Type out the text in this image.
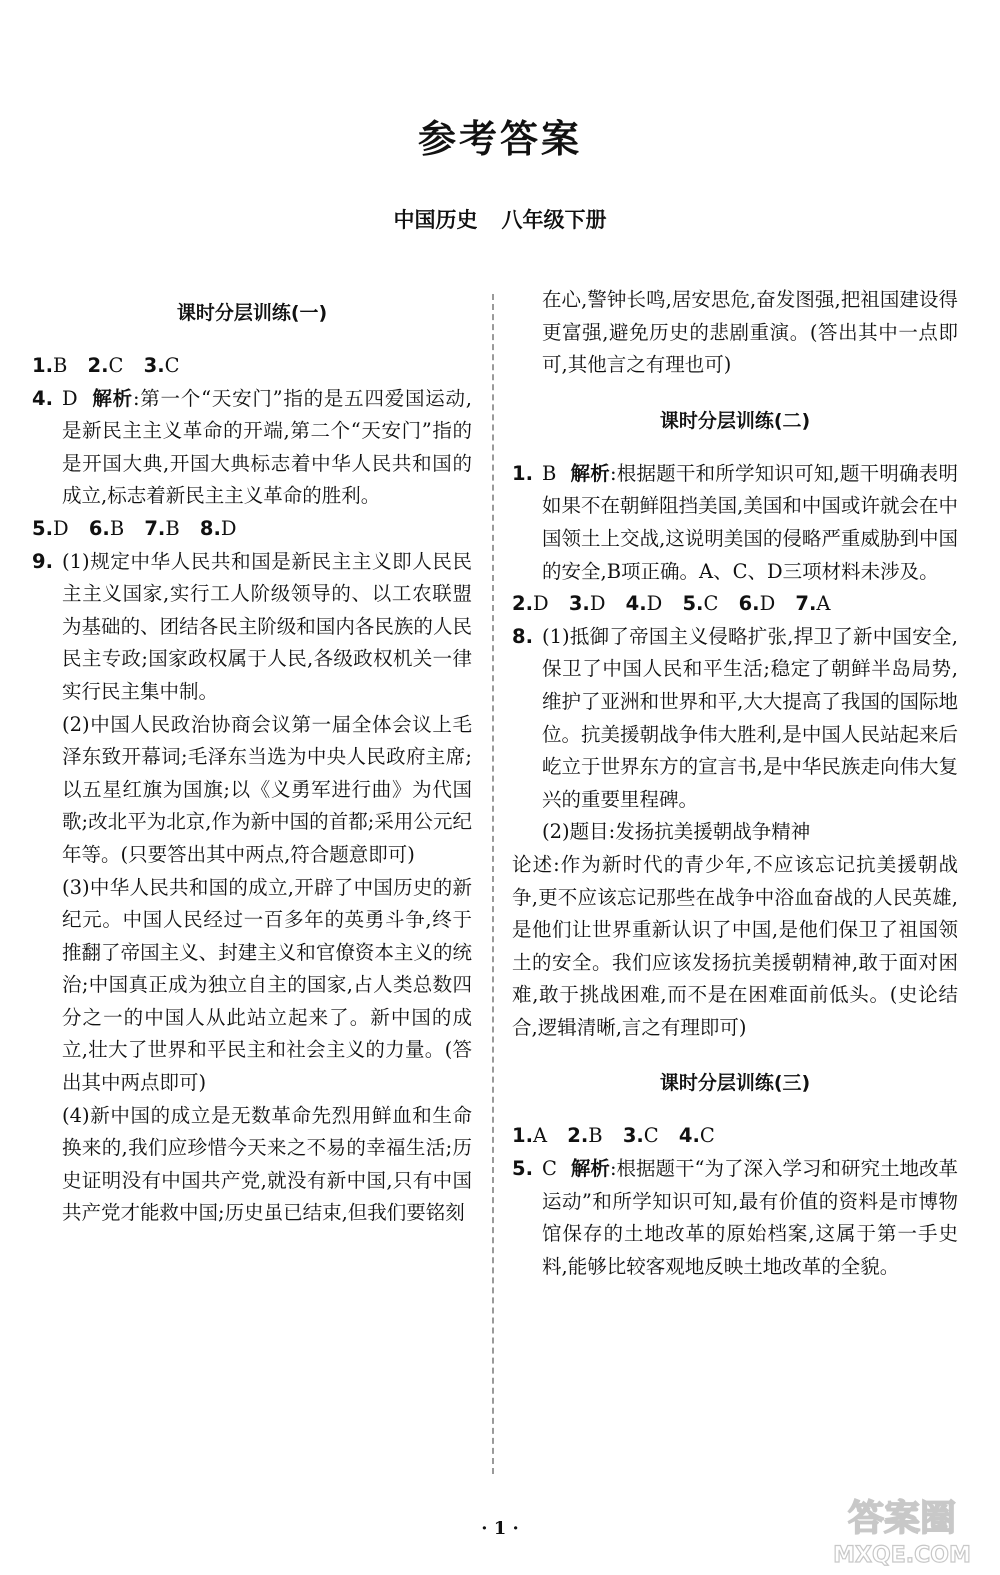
参考答案
中国历史 八年级下册
课时分层训练(一)

1.B 2.C 3.C

4. D 解析:第一个“天安门”指的是五四爱国运动,是新民主主义革命的开端,第二个“天安门”指的是开国大典,开国大典标志着中华人民共和国的成立,标志着新民主主义革命的胜利。

5.D 6.B 7.B 8.D

9. (1)规定中华人民共和国是新民主主义即人民民主主义国家,实行工人阶级领导的、以工农联盟为基础的、团结各民主阶级和国内各民族的人民民主专政;国家政权属于人民,各级政权机关一律实行民主集中制。

(2)中国人民政治协商会议第一届全体会议上毛泽东致开幕词;毛泽东当选为中央人民政府主席;以五星红旗为国旗;以《义勇军进行曲》为代国歌;改北平为北京,作为新中国的首都;采用公元纪年等。(只要答出其中两点,符合题意即可)

(3)中华人民共和国的成立,开辟了中国历史的新纪元。中国人民经过一百多年的英勇斗争,终于推翻了帝国主义、封建主义和官僚资本主义的统治;中国真正成为独立自主的国家,占人类总数四分之一的中国人从此站立起来了。新中国的成立,壮大了世界和平民主和社会主义的力量。(答出其中两点即可)

(4)新中国的成立是无数革命先烈用鲜血和生命换来的,我们应珍惜今天来之不易的幸福生活;历史证明没有中国共产党,就没有新中国,只有中国共产党才能救中国;历史虽已结束,但我们要铭刻

在心,警钟长鸣,居安思危,奋发图强,把祖国建设得更富强,避免历史的悲剧重演。(答出其中一点即可,其他言之有理也可)
课时分层训练(二)
1. B 解析:根据题干和所学知识可知,题干明确表明如果不在朝鲜阻挡美国,美国和中国或许就会在中国领土上交战,这说明美国的侵略严重威胁到中国的安全,B项正确。A、C、D三项材料未涉及。

2.D 3.D 4.D 5.C 6.D 7.A

8. (1)抵御了帝国主义侵略扩张,捍卫了新中国安全,保卫了中国人民和平生活;稳定了朝鲜半岛局势,维护了亚洲和世界和平,大大提高了我国的国际地位。抗美援朝战争伟大胜利,是中国人民站起来后屹立于世界东方的宣言书,是中华民族走向伟大复兴的重要里程碑。

(2)题目:发扬抗美援朝战争精神

论述:作为新时代的青少年,不应该忘记抗美援朝战争,更不应该忘记那些在战争中浴血奋战的人民英雄,是他们让世界重新认识了中国,是他们保卫了祖国领土的安全。我们应该发扬抗美援朝精神,敢于面对困难,敢于挑战困难,而不是在困难面前低头。(史论结合,逻辑清晰,言之有理即可)

课时分层训练(三)

1.A 2.B 3.C 4.C

5. C 解析:根据题干“为了深入学习和研究土地改革运动”和所学知识可知,最有价值的资料是市博物馆保存的土地改革的原始档案,这属于第一手史料,能够比较客观地反映土地改革的全貌。
· 1 ·	答案圈
MXQE.COM
